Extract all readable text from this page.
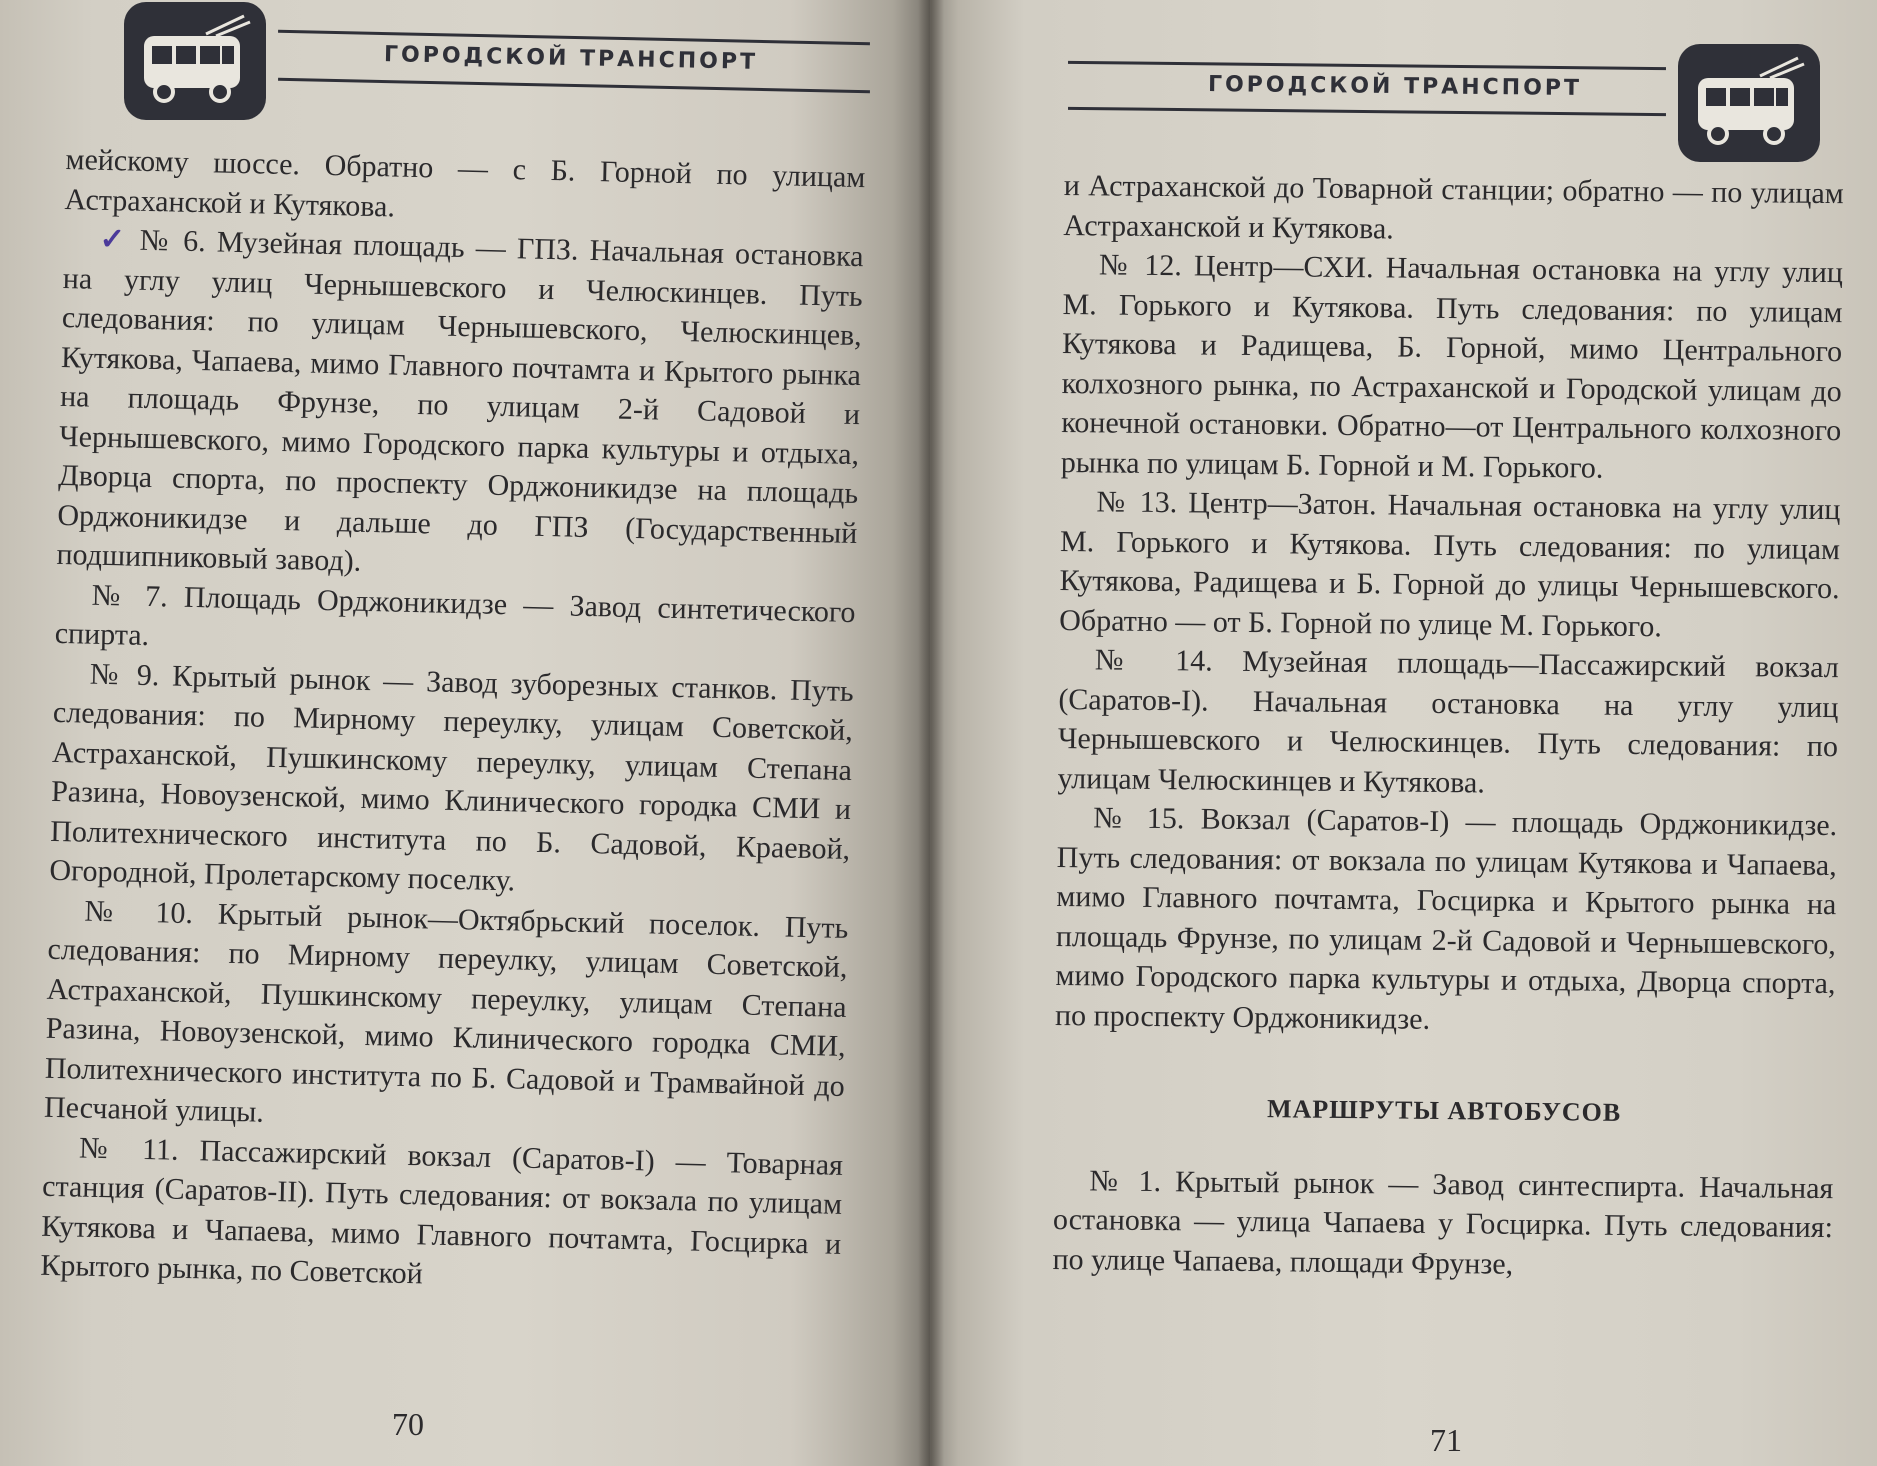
ГОРОДСКОЙ ТРАНСПОРТ

мейскому шоссе. Обратно — с Б. Горной по улицам Астраханской и Кутякова.

✓ № 6. Музейная площадь — ГПЗ. Начальная остановка на углу улиц Чернышевского и Челюскинцев. Путь следования: по улицам Чернышевского, Челюскинцев, Кутякова, Чапаева, мимо Главного почтамта и Крытого рынка на площадь Фрунзе, по улицам 2-й Садовой и Чернышевского, мимо Городского парка культуры и отдыха, Дворца спорта, по проспекту Орджоникидзе на площадь Орджоникидзе и дальше до ГПЗ (Государственный подшипниковый завод).

№ 7. Площадь Орджоникидзе — Завод синтетического спирта.

№ 9. Крытый рынок — Завод зуборезных станков. Путь следования: по Мирному переулку, улицам Советской, Астраханской, Пушкинскому переулку, улицам Степана Разина, Новоузенской, мимо Клинического городка СМИ и Политехнического института по Б. Садовой, Краевой, Огородной, Пролетарскому поселку.

№ 10. Крытый рынок—Октябрьский поселок. Путь следования: по Мирному переулку, улицам Советской, Астраханской, Пушкинскому переулку, улицам Степана Разина, Новоузенской, мимо Клинического городка СМИ, Политехнического института по Б. Садовой и Трамвайной до Песчаной улицы.

№ 11. Пассажирский вокзал (Саратов-I) — Товарная станция (Саратов-II). Путь следования: от вокзала по улицам Кутякова и Чапаева, мимо Главного почтамта, Госцирка и Крытого рынка, по Советской

70
ГОРОДСКОЙ ТРАНСПОРТ

и Астраханской до Товарной станции; обратно — по улицам Астраханской и Кутякова.

№ 12. Центр—СХИ. Начальная остановка на углу улиц М. Горького и Кутякова. Путь следования: по улицам Кутякова и Радищева, Б. Горной, мимо Центрального колхозного рынка, по Астраханской и Городской улицам до конечной остановки. Обратно—от Центрального колхозного рынка по улицам Б. Горной и М. Горького.

№ 13. Центр—Затон. Начальная остановка на углу улиц М. Горького и Кутякова. Путь следования: по улицам Кутякова, Радищева и Б. Горной до улицы Чернышевского. Обратно — от Б. Горной по улице М. Горького.

№ 14. Музейная площадь—Пассажирский вокзал (Саратов-I). Начальная остановка на углу улиц Чернышевского и Челюскинцев. Путь следования: по улицам Челюскинцев и Кутякова.

№ 15. Вокзал (Саратов-I) — площадь Орджоникидзе. Путь следования: от вокзала по улицам Кутякова и Чапаева, мимо Главного почтамта, Госцирка и Крытого рынка на площадь Фрунзе, по улицам 2-й Садовой и Чернышевского, мимо Городского парка культуры и отдыха, Дворца спорта, по проспекту Орджоникидзе.

МАРШРУТЫ АВТОБУСОВ

№ 1. Крытый рынок — Завод синтеспирта. Начальная остановка — улица Чапаева у Госцирка. Путь следования: по улице Чапаева, площади Фрунзе,

71
